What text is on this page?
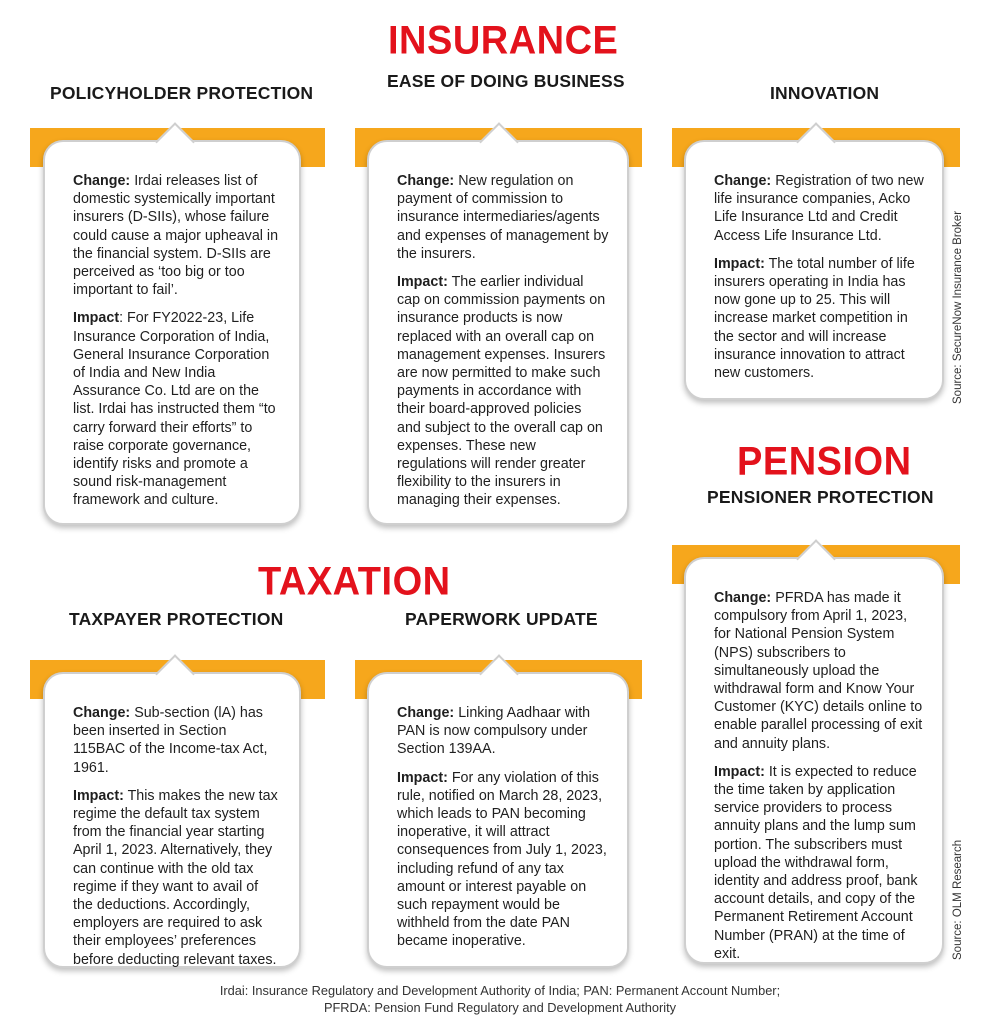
INSURANCE
TAXATION
PENSION
POLICYHOLDER PROTECTION

Change: Irdai releases list of domestic systemically important insurers (D-SIIs), whose failure could cause a major upheaval in the financial system. D-SIIs are perceived as ‘too big or too important to fail’.

Impact: For FY2022-23, Life Insurance Corporation of India, General Insurance Corporation of India and New India Assurance Co. Ltd are on the list. Irdai has instructed them “to carry forward their efforts” to raise corporate governance, identify risks and promote a sound risk-management framework and culture.

EASE OF DOING BUSINESS

Change: New regulation on payment of commission to insurance intermediaries/agents and expenses of management by the insurers.

Impact: The earlier individual cap on commission payments on insurance products is now replaced with an overall cap on management expenses. Insurers are now permitted to make such payments in accordance with their board-approved policies and subject to the overall cap on expenses. These new regulations will render greater flexibility to the insurers in managing their expenses.

INNOVATION

Change: Registration of two new life insurance companies, Acko Life Insurance Ltd and Credit Access Life Insurance Ltd.

Impact: The total number of life insurers operating in India has now gone up to 25. This will increase market competition in the sector and will increase insurance innovation to attract new customers.	Source: SecureNow Insurance Broker
PENSIONER PROTECTION

Change: PFRDA has made it compulsory from April 1, 2023, for National Pension System (NPS) subscribers to simultaneously upload the withdrawal form and Know Your Customer (KYC) details online to enable parallel processing of exit and annuity plans.

Impact: It is expected to reduce the time taken by application service providers to process annuity plans and the lump sum portion. The subscribers must upload the withdrawal form, identity and address proof, bank account details, and copy of the Permanent Retirement Account Number (PRAN) at the time of exit.	Source: OLM Research
TAXPAYER PROTECTION

Change: Sub-section (lA) has been inserted in Section 115BAC of the Income-tax Act, 1961.

Impact: This makes the new tax regime the default tax system from the financial year starting April 1, 2023. Alternatively, they can continue with the old tax regime if they want to avail of the deductions. Accordingly, employers are required to ask their employees’ preferences before deducting relevant taxes.

PAPERWORK UPDATE

Change: Linking Aadhaar with PAN is now compulsory under Section 139AA.

Impact: For any violation of this rule, notified on March 28, 2023, which leads to PAN becoming inoperative, it will attract consequences from July 1, 2023, including refund of any tax amount or interest payable on such repayment would be withheld from the date PAN became inoperative.

Irdai: Insurance Regulatory and Development Authority of India; PAN: Permanent Account Number;
PFRDA: Pension Fund Regulatory and Development Authority
